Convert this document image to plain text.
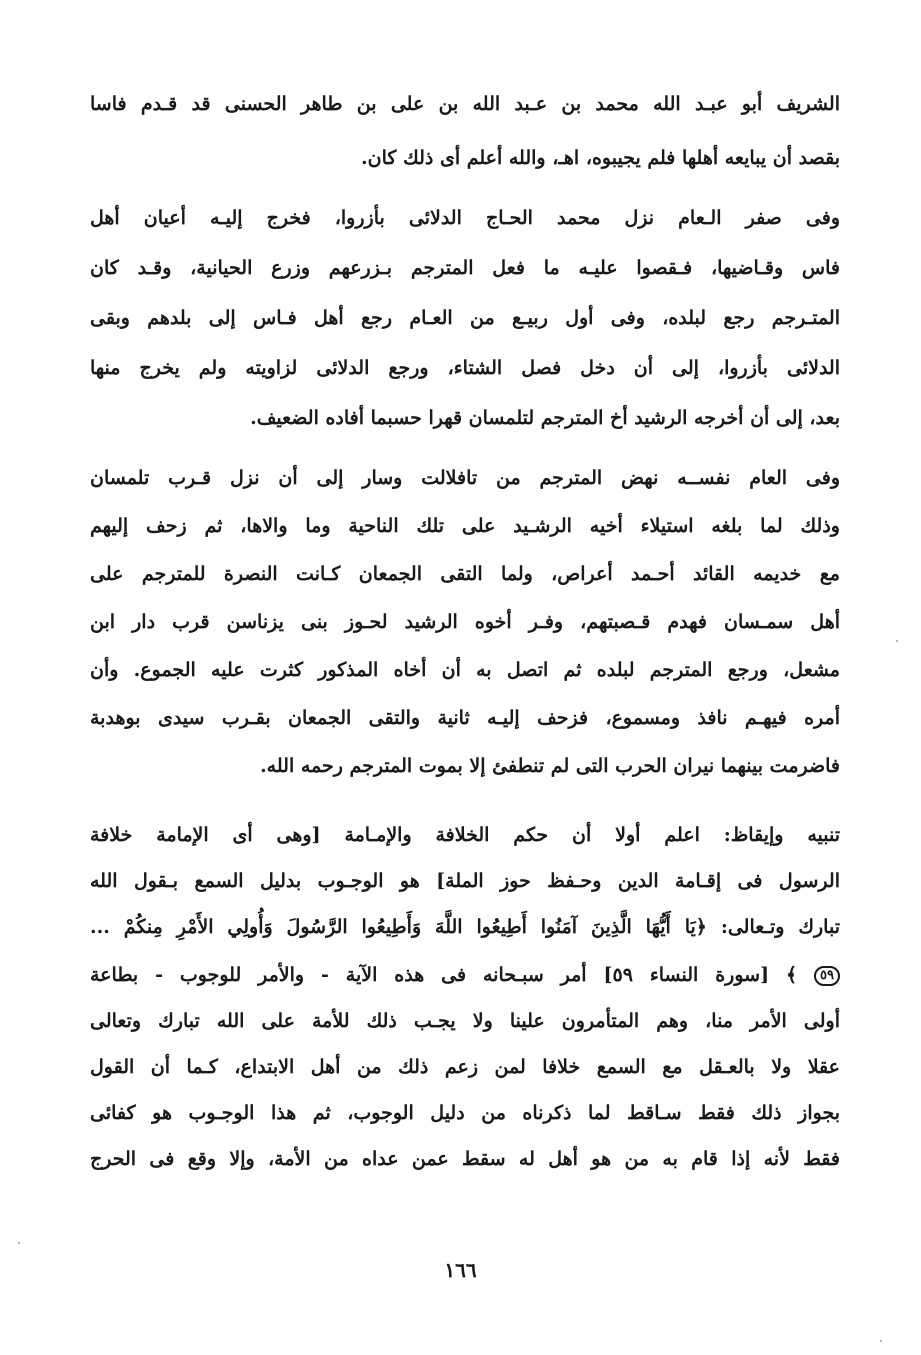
الشريف أبو عبـد الله محمد بن عـبد الله بن على بن طاهر الحسنى قد قـدم فاسا
بقصد أن يبايعه أهلها فلم يجيبوه، اهـ، والله أعلم أى ذلك كان.
وفى صفر الـعام نزل محمد الحـاج الدلائى بأزروا، فخرج إليـه أعيان أهل
فاس وقـاضيها، فـقصوا عليـه ما فعل المترجم بـزرعهم وزرع الحيانية، وقـد كان
المتـرجم رجع لبلده، وفى أول ربيـع من العـام رجع أهل فـاس إلى بلدهم وبقى
الدلائى بأزروا، إلى أن دخل فصل الشتاء، ورجع الدلائى لزاويته ولم يخرج منها
بعد، إلى أن أخرجه الرشيد أخ المترجم لتلمسان قهرا حسبما أفاده الضعيف.
وفى العام نفســه نهض المترجم من تافلالت وسار إلى أن نزل قـرب تلمسان
وذلك لما بلغه استيلاء أخيه الرشـيد على تلك الناحية وما والاها، ثم زحف إليهم
مع خديمه القائد أحـمد أعراص، ولما التقى الجمعان كـانت النصرة للمترجم على
أهل سمـسان فهدم قـصبتهم، وفـر أخوه الرشيد لحـوز بنى يزناسن قرب دار ابن
مشعل، ورجع المترجم لبلده ثم اتصل به أن أخاه المذكور كثرت عليه الجموع. وأن
أمره فيهـم نافذ ومسموع، فزحف إليـه ثانية والتقى الجمعان بقـرب سيدى بوهدبة
فاضرمت بينهما نيران الحرب التى لم تنطفئ إلا بموت المترجم رحمه الله.
تنبيه وإيقاظ: اعلم أولا أن حكم الخلافة والإمـامة [وهى أى الإمامة خلافة
الرسول فى إقـامة الدين وحـفظ حوز الملة] هو الوجـوب بدليل السمع بـقول الله
تبارك وتـعالى: ﴿يَا أَيُّهَا الَّذِينَ آمَنُوا أَطِيعُوا اللَّهَ وَأَطِيعُوا الرَّسُولَ وَأُولِي الأَمْرِ مِنكُمْ ...
٥٩ ﴾ [سورة النساء ٥٩] أمر سبـحانه فى هذه الآية - والأمر للوجوب - بطاعة
أولى الأمر منا، وهم المتأمرون علينا ولا يجـب ذلك للأمة على الله تبارك وتعالى
عقلا ولا بالعـقل مع السمع خلافا لمن زعم ذلك من أهل الابتداع، كـما أن القول
بجواز ذلك فقط سـاقط لما ذكرناه من دليل الوجوب، ثم هذا الوجـوب هو كفائى
فقط لأنه إذا قام به من هو أهل له سقط عمن عداه من الأمة، وإلا وقع فى الحرج
١٦٦
